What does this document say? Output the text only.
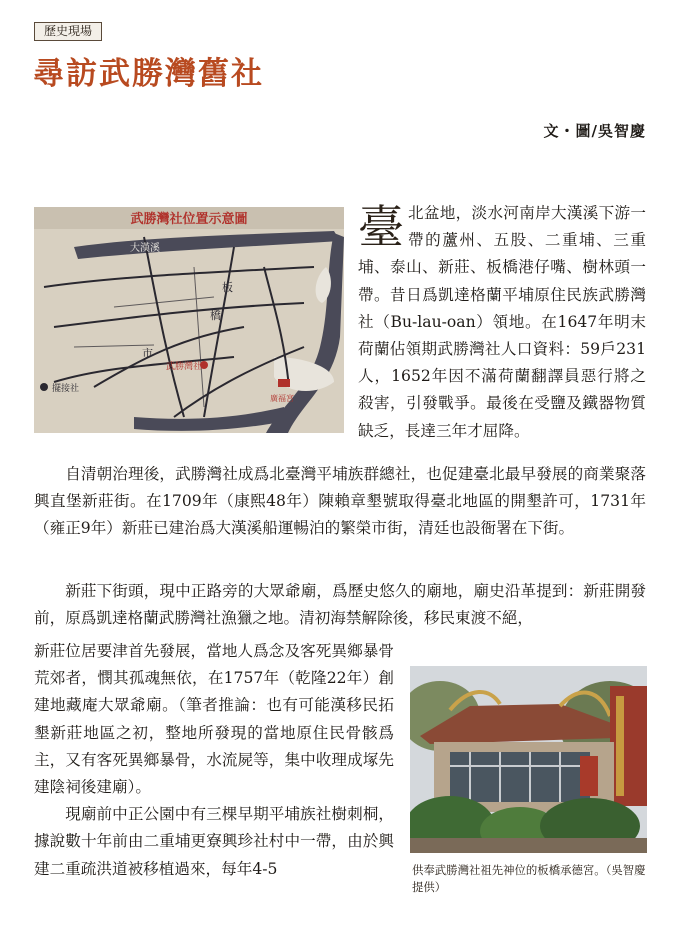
歷史現場
尋訪武勝灣舊社
文・圖/吳智慶
武勝灣社位置示意圖
大漢溪
板
橋
市
武勝灣社
擺接社
廣福宮
臺北盆地，淡水河南岸大漢溪下游一帶的蘆州、五股、二重埔、三重埔、泰山、新莊、板橋港仔嘴、樹林頭一帶。昔日爲凱達格蘭平埔原住民族武勝灣社（Bu-lau-oan）領地。在1647年明末荷蘭佔領期武勝灣社人口資料：59戶231人，1652年因不滿荷蘭翻譯員惡行將之殺害，引發戰爭。最後在受鹽及鐵器物質缺乏，長達三年才屈降。

自清朝治理後，武勝灣社成爲北臺灣平埔族群總社，也促建臺北最早發展的商業聚落興直堡新莊街。在1709年（康熙48年）陳賴章墾號取得臺北地區的開墾許可，1731年（雍正9年）新莊已建治爲大漢溪船運暢泊的繁榮市街，清廷也設衙署在下街。

新莊下街頭，現中正路旁的大眾爺廟，爲歷史悠久的廟地，廟史沿革提到：新莊開發前，原爲凱達格蘭武勝灣社漁獵之地。清初海禁解除後，移民東渡不絕，

新莊位居要津首先發展，當地人爲念及客死異鄉暴骨荒郊者，憫其孤魂無依，在1757年（乾隆22年）創建地藏庵大眾爺廟。（筆者推論：也有可能漢移民拓墾新莊地區之初，整地所發現的當地原住民骨骸爲主，又有客死異鄉暴骨，水流屍等，集中收理成塚先建陰祠後建廟）。

現廟前中正公園中有三棵早期平埔族社樹刺桐，據說數十年前由二重埔更寮興珍社村中一帶，由於興建二重疏洪道被移植過來，每年4-5	供奉武勝灣社祖先神位的板橋承德宮。（吳智慶提供）
